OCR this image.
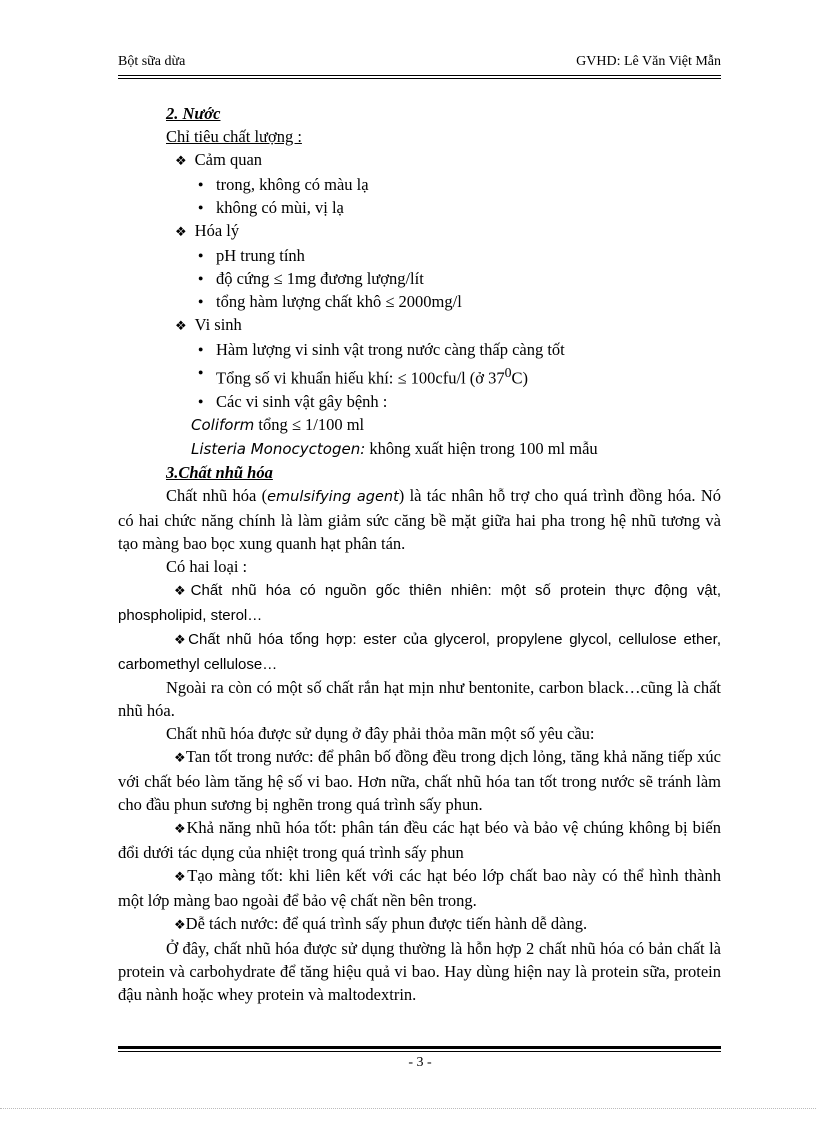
Bột sữa dừa	GVHD: Lê Văn Việt Mẫn
2. Nước
Chỉ tiêu chất lượng :
❖ Cảm quan
● trong, không có màu lạ
● không có mùi, vị lạ
❖ Hóa lý
● pH trung tính
● độ cứng ≤ 1mg đương lượng/lít
● tổng hàm lượng chất khô ≤ 2000mg/l
❖ Vi sinh
● Hàm lượng vi sinh vật trong nước càng thấp càng tốt
● Tổng số vi khuẩn hiếu khí: ≤ 100cfu/l (ở $37^0C$)
● Các vi sinh vật gây bệnh :
Coliform tổng ≤ 1/100 ml
Listeria Monocyctogen: không xuất hiện trong 100 ml mẫu
3.Chất nhũ hóa
Chất nhũ hóa (emulsifying agent) là tác nhân hỗ trợ cho quá trình đồng hóa. Nó có hai chức năng chính là làm giảm sức căng bề mặt giữa hai pha trong hệ nhũ tương và tạo màng bao bọc xung quanh hạt phân tán.
Có hai loại :
❖Chất nhũ hóa có nguồn gốc thiên nhiên: một số protein thực động vật, phospholipid, sterol…
❖Chất nhũ hóa tổng hợp: ester của glycerol, propylene glycol, cellulose ether, carbomethyl cellulose…
Ngoài ra còn có một số chất rắn hạt mịn như bentonite, carbon black…cũng là chất nhũ hóa.
Chất nhũ hóa được sử dụng ở đây phải thỏa mãn một số yêu cầu:
❖Tan tốt trong nước: để phân bố đồng đều trong dịch lỏng, tăng khả năng tiếp xúc với chất béo làm tăng hệ số vi bao. Hơn nữa, chất nhũ hóa tan tốt trong nước sẽ tránh làm cho đầu phun sương bị nghẽn trong quá trình sấy phun.
❖Khả năng nhũ hóa tốt: phân tán đều các hạt béo và bảo vệ chúng không bị biến đổi dưới tác dụng của nhiệt trong quá trình sấy phun
❖Tạo màng tốt: khi liên kết với các hạt béo lớp chất bao này có thể hình thành một lớp màng bao ngoài để bảo vệ chất nền bên trong.
❖Dễ tách nước: để quá trình sấy phun được tiến hành dễ dàng.
Ở đây, chất nhũ hóa được sử dụng thường là hỗn hợp 2 chất nhũ hóa có bản chất là protein và carbohydrate để tăng hiệu quả vi bao. Hay dùng hiện nay là protein sữa, protein đậu nành hoặc whey protein và maltodextrin.
- 3 -
